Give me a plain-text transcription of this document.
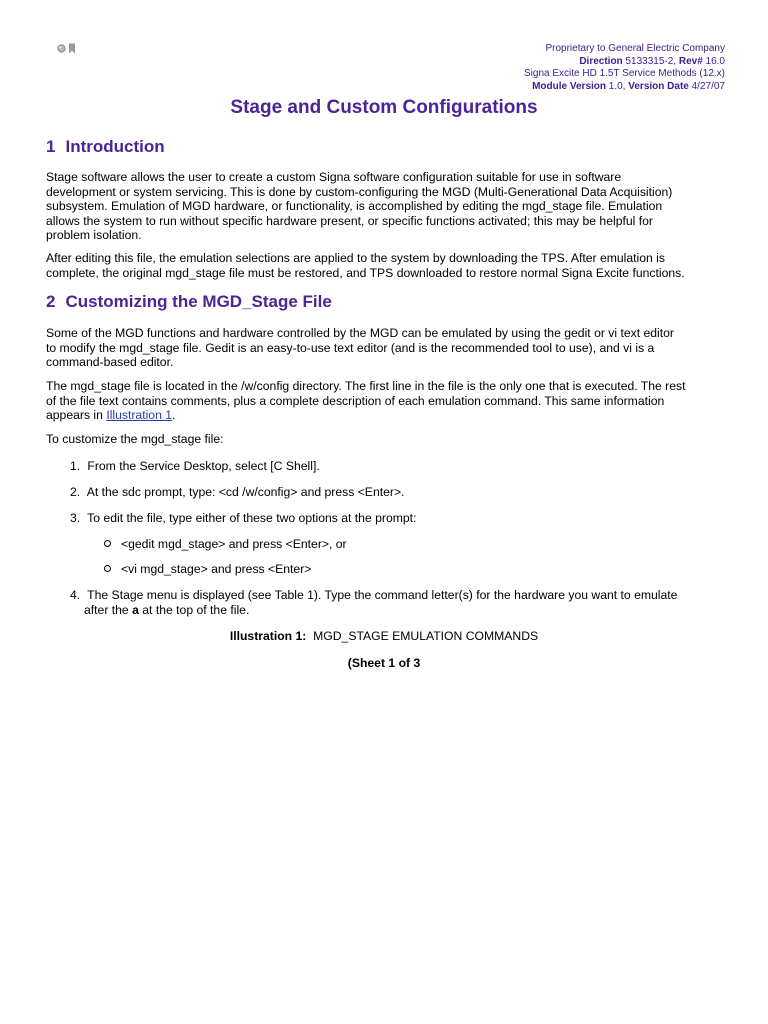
Proprietary to General Electric Company
Direction 5133315-2, Rev# 16.0
Signa Excite HD 1.5T Service Methods (12.x)
Module Version 1.0, Version Date 4/27/07
Stage and Custom Configurations
1 Introduction
Stage software allows the user to create a custom Signa software configuration suitable for use in software
development or system servicing. This is done by custom-configuring the MGD (Multi-Generational Data Acquisition)
subsystem. Emulation of MGD hardware, or functionality, is accomplished by editing the mgd_stage file. Emulation
allows the system to run without specific hardware present, or specific functions activated; this may be helpful for
problem isolation.
After editing this file, the emulation selections are applied to the system by downloading the TPS. After emulation is
complete, the original mgd_stage file must be restored, and TPS downloaded to restore normal Signa Excite functions.
2 Customizing the MGD_Stage File
Some of the MGD functions and hardware controlled by the MGD can be emulated by using the gedit or vi text editor
to modify the mgd_stage file. Gedit is an easy-to-use text editor (and is the recommended tool to use), and vi is a
command-based editor.
The mgd_stage file is located in the /w/config directory. The first line in the file is the only one that is executed. The rest
of the file text contains comments, plus a complete description of each emulation command. This same information
appears in Illustration 1.
To customize the mgd_stage file:
1. From the Service Desktop, select [C Shell].
2. At the sdc prompt, type: <cd /w/config> and press <Enter>.
3. To edit the file, type either of these two options at the prompt:
<gedit mgd_stage> and press <Enter>, or
<vi mgd_stage> and press <Enter>
4. The Stage menu is displayed (see Table 1). Type the command letter(s) for the hardware you want to emulate
after the a at the top of the file.
Illustration 1: MGD_STAGE EMULATION COMMANDS
(Sheet 1 of 3
